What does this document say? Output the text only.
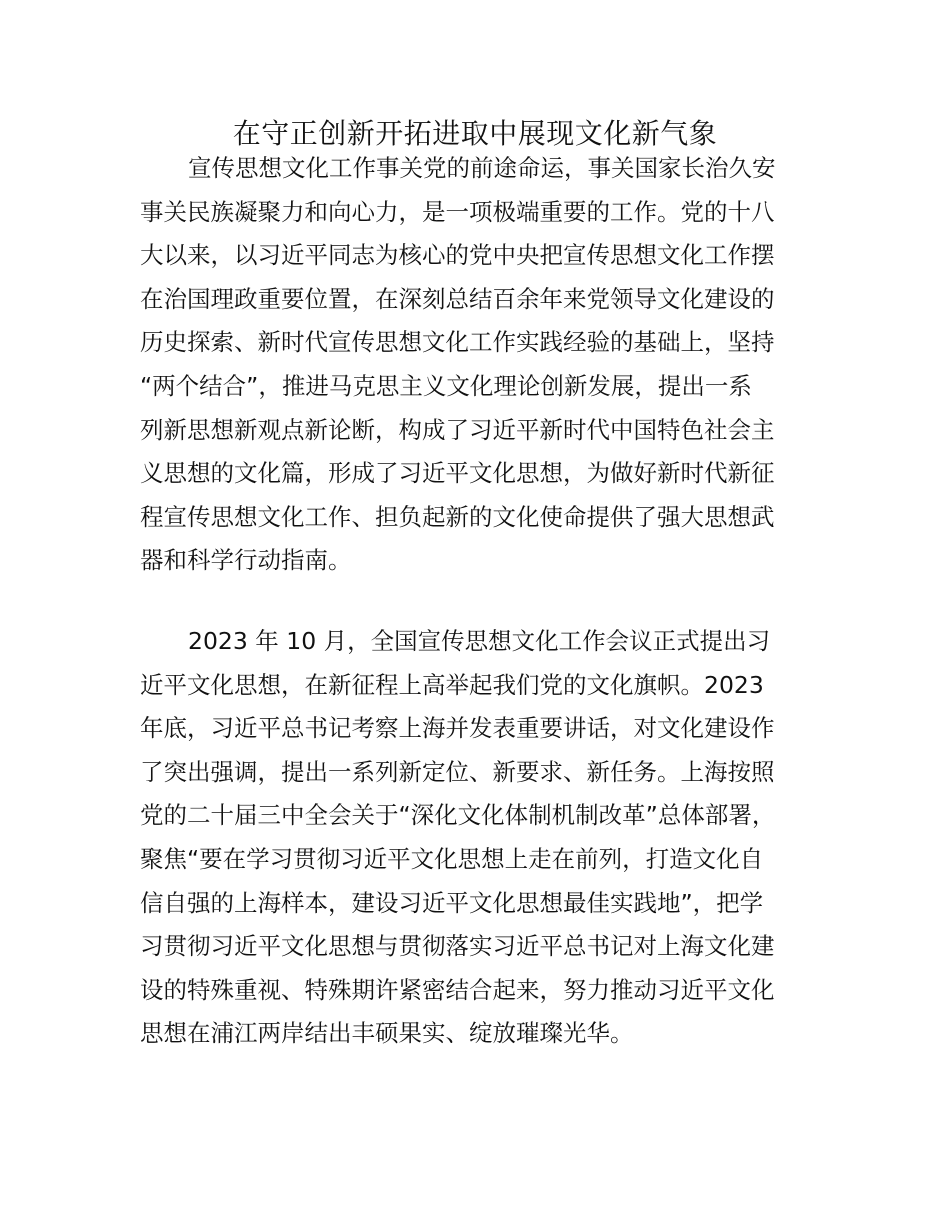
在守正创新开拓进取中展现文化新气象
宣传思想文化工作事关党的前途命运，事关国家长治久安
事关民族凝聚力和向心力，是一项极端重要的工作。党的十八
大以来，以习近平同志为核心的党中央把宣传思想文化工作摆
在治国理政重要位置，在深刻总结百余年来党领导文化建设的
历史探索、新时代宣传思想文化工作实践经验的基础上，坚持
“两个结合”，推进马克思主义文化理论创新发展，提出一系
列新思想新观点新论断，构成了习近平新时代中国特色社会主
义思想的文化篇，形成了习近平文化思想，为做好新时代新征
程宣传思想文化工作、担负起新的文化使命提供了强大思想武
器和科学行动指南。
2023 年 10 月，全国宣传思想文化工作会议正式提出习
近平文化思想，在新征程上高举起我们党的文化旗帜。2023
年底，习近平总书记考察上海并发表重要讲话，对文化建设作
了突出强调，提出一系列新定位、新要求、新任务。上海按照
党的二十届三中全会关于“深化文化体制机制改革”总体部署，
聚焦“要在学习贯彻习近平文化思想上走在前列，打造文化自
信自强的上海样本，建设习近平文化思想最佳实践地”，把学
习贯彻习近平文化思想与贯彻落实习近平总书记对上海文化建
设的特殊重视、特殊期许紧密结合起来，努力推动习近平文化
思想在浦江两岸结出丰硕果实、绽放璀璨光华。
